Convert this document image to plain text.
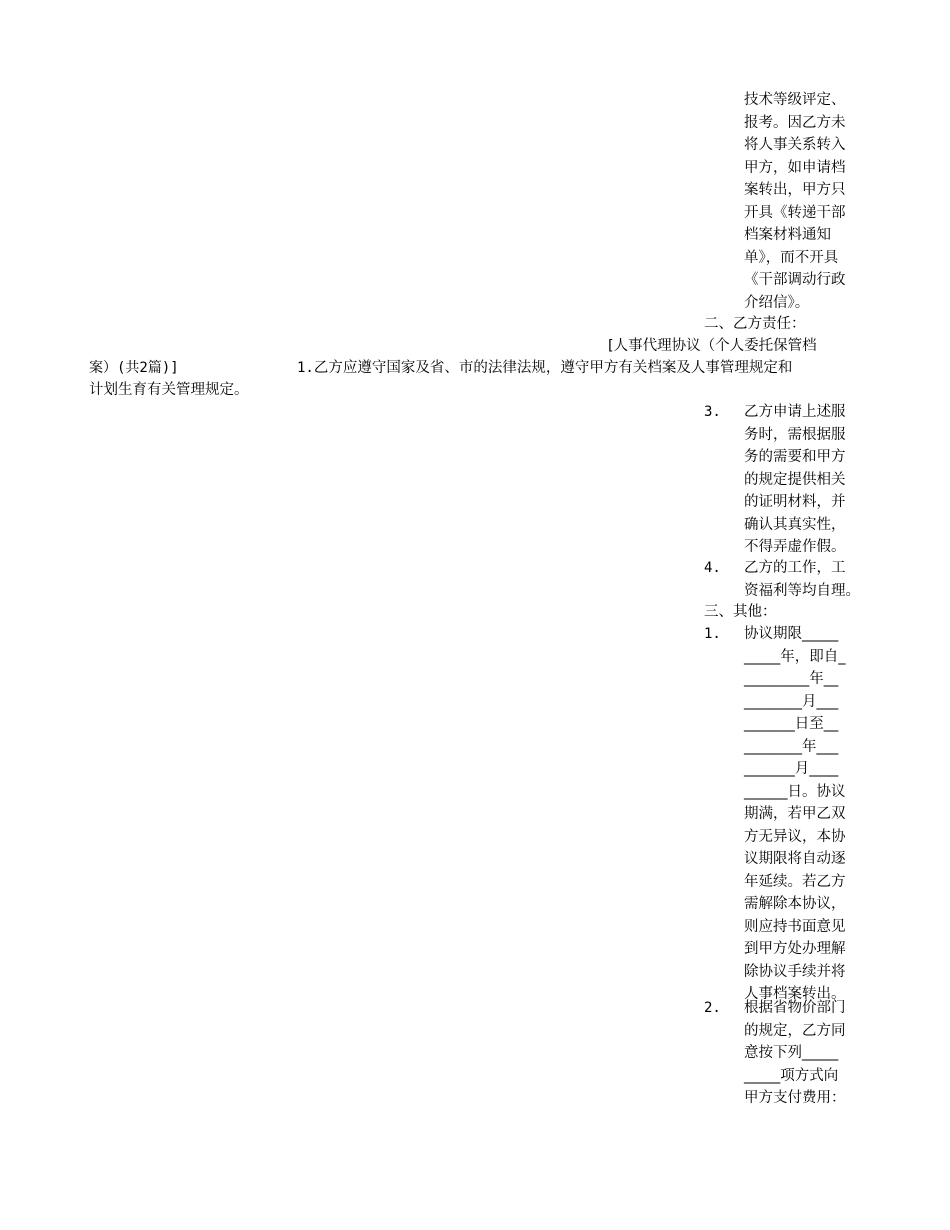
技术等级评定、
报考。因乙方未
将人事关系转入
甲方，如申请档
案转出，甲方只
开具《转递干部
档案材料通知
单》，而不开具
《干部调动行政
介绍信》。
二、乙方责任：
[人事代理协议（个人委托保管档
案）(共2篇)]	1.乙方应遵守国家及省、市的法律法规，遵守甲方有关档案及人事管理规定和
计划生育有关管理规定。
3.	乙方申请上述服
务时，需根据服
务的需要和甲方
的规定提供相关
的证明材料，并
确认其真实性，
不得弄虚作假。
4.	乙方的工作，工
资福利等均自理。
三、其他：
1.	协议期限_____
_____年，即自_
_________年__
________月___
_______日至__
________年___
_______月____
______日。协议
期满，若甲乙双
方无异议，本协
议期限将自动逐
年延续。若乙方
需解除本协议，
则应持书面意见
到甲方处办理解
除协议手续并将
人事档案转出。
2.	根据省物价部门
的规定，乙方同
意按下列_____
_____项方式向
甲方支付费用：
